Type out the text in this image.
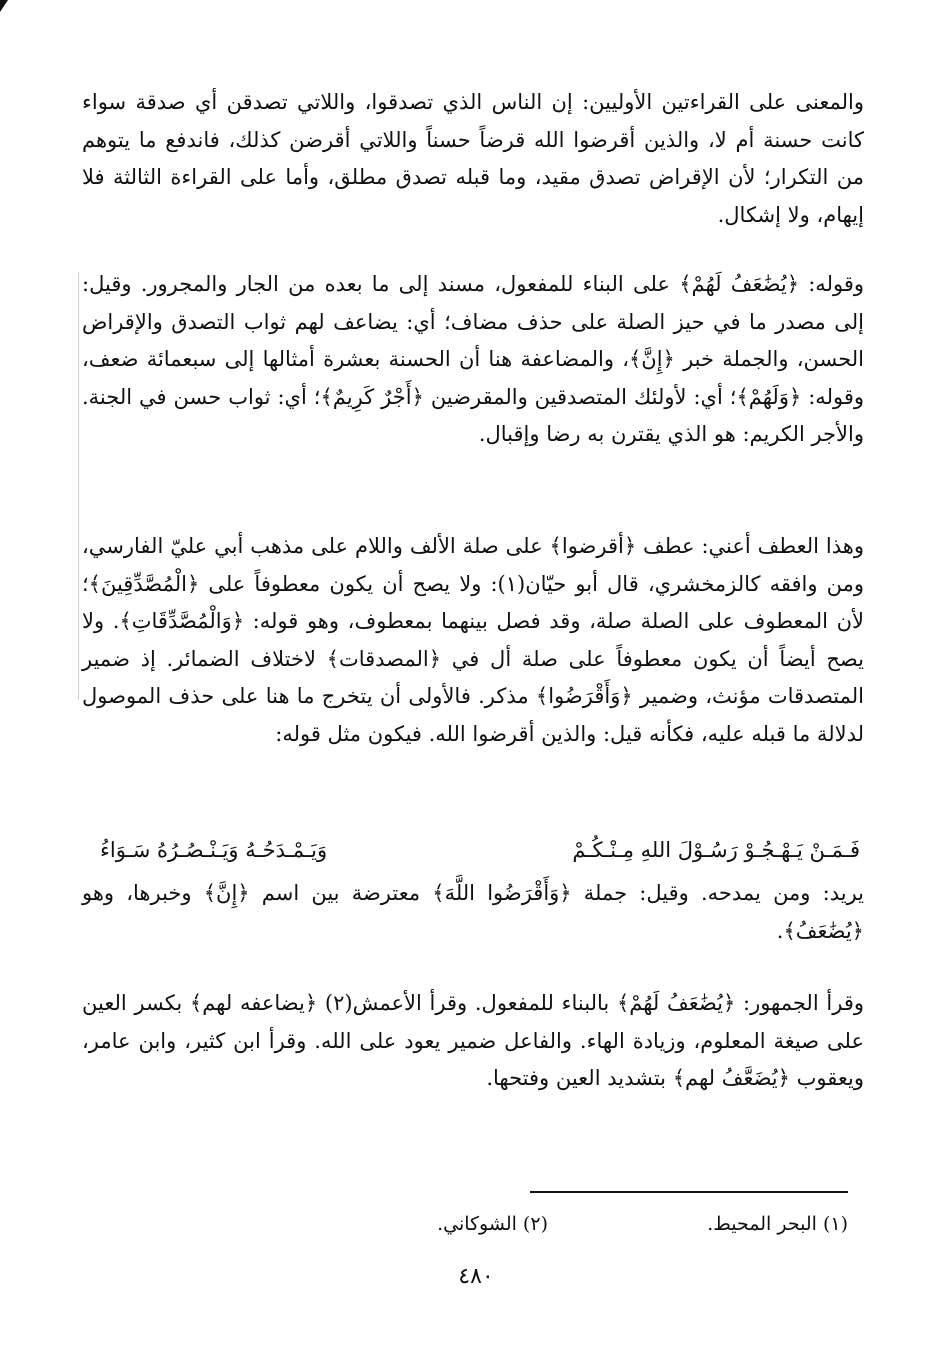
والمعنى على القراءتين الأوليين: إن الناس الذي تصدقوا، واللاتي تصدقن أي صدقة سواء كانت حسنة أم لا، والذين أقرضوا الله قرضاً حسناً واللاتي أقرضن كذلك، فاندفع ما يتوهم من التكرار؛ لأن الإقراض تصدق مقيد، وما قبله تصدق مطلق، وأما على القراءة الثالثة فلا إيهام، ولا إشكال.

وقوله: ﴿يُضَٰعَفُ لَهُمْ﴾ على البناء للمفعول، مسند إلى ما بعده من الجار والمجرور. وقيل: إلى مصدر ما في حيز الصلة على حذف مضاف؛ أي: يضاعف لهم ثواب التصدق والإقراض الحسن، والجملة خبر ﴿إِنَّ﴾، والمضاعفة هنا أن الحسنة بعشرة أمثالها إلى سبعمائة ضعف، وقوله: ﴿وَلَهُمْ﴾؛ أي: لأولئك المتصدقين والمقرضين ﴿أَجْرٌ كَرِيمٌ﴾؛ أي: ثواب حسن في الجنة. والأجر الكريم: هو الذي يقترن به رضا وإقبال.

وهذا العطف أعني: عطف ﴿أقرضوا﴾ على صلة الألف واللام على مذهب أبي عليّ الفارسي، ومن وافقه كالزمخشري، قال أبو حيّان(١): ولا يصح أن يكون معطوفاً على ﴿الْمُصَّدِّقِينَ﴾؛ لأن المعطوف على الصلة صلة، وقد فصل بينهما بمعطوف، وهو قوله: ﴿وَالْمُصَّدِّقَاتِ﴾. ولا يصح أيضاً أن يكون معطوفاً على صلة أل في ﴿المصدقات﴾ لاختلاف الضمائر. إذ ضمير المتصدقات مؤنث، وضمير ﴿وَأَقْرَضُوا﴾ مذكر. فالأولى أن يتخرج ما هنا على حذف الموصول لدلالة ما قبله عليه، فكأنه قيل: والذين أقرضوا الله. فيكون مثل قوله:

فَـمَـنْ يَـهْـجُـوْ رَسُـوْلَ اللهِ مِـنْـكُـمْ
وَيَـمْـدَحُـهُ وَيَـنْـصُـرُهُ سَـوَاءُ

يريد: ومن يمدحه. وقيل: جملة ﴿وَأَقْرَضُوا اللَّهَ﴾ معترضة بين اسم ﴿إِنَّ﴾ وخبرها، وهو ﴿يُضَٰعَفُ﴾.

وقرأ الجمهور: ﴿يُضَٰعَفُ لَهُمْ﴾ بالبناء للمفعول. وقرأ الأعمش(٢) ﴿يضاعفه لهم﴾ بكسر العين على صيغة المعلوم، وزيادة الهاء. والفاعل ضمير يعود على الله. وقرأ ابن كثير، وابن عامر، ويعقوب ﴿يُضَعَّفُ لهم﴾ بتشديد العين وفتحها.

(١) البحر المحيط.
(٢) الشوكاني.
٤٨٠
